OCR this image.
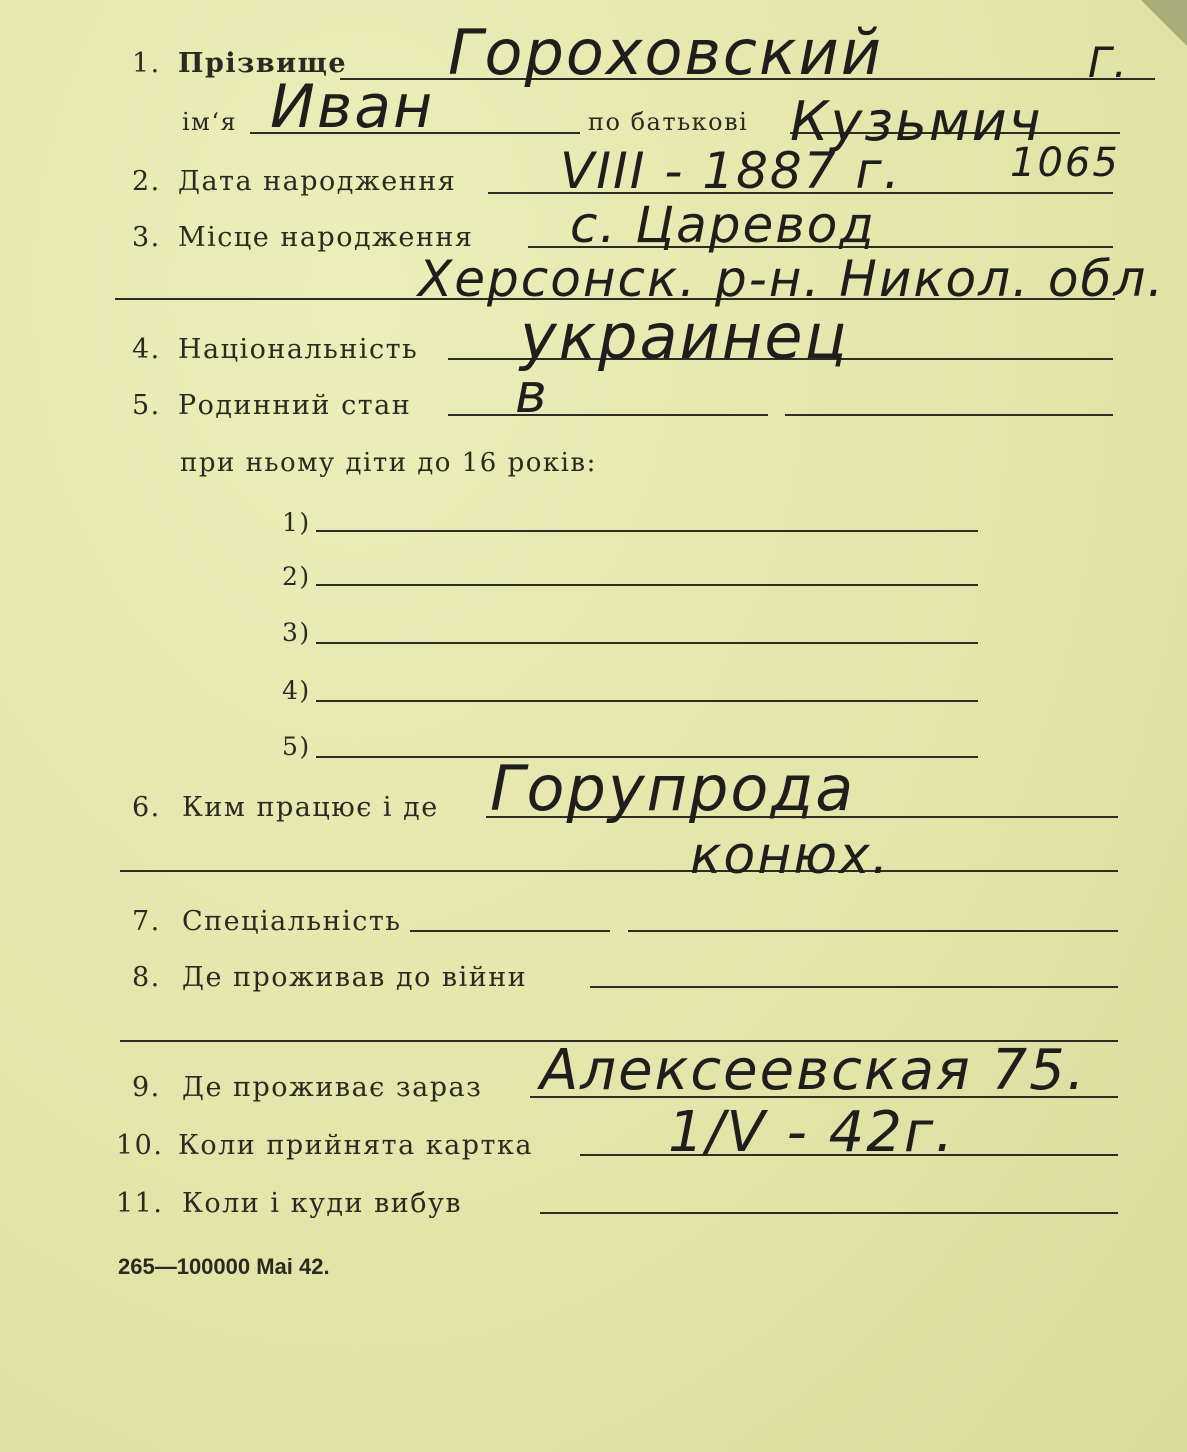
1. Прізвище Гороховский	Г.
ім‘я Иван	по батькові Кузьмич
2. Дата народження VIII - 1887 г.	1065
3. Місце народження с. Царевод
Херсонск. р-н. Никол. обл.
4. Національність украинец
5. Родинний стан в
при ньому діти до 16 років:
1)
2)
3)
4)
5)
6. Ким працює і де Горупрода
конюх.
7. Спеціальність
8. Де проживав до війни
9. Де проживає зараз Алексеевская 75.
10. Коли прийнята картка 1/V - 42г.
11. Коли і куди вибув
265—100000 Mai 42.
